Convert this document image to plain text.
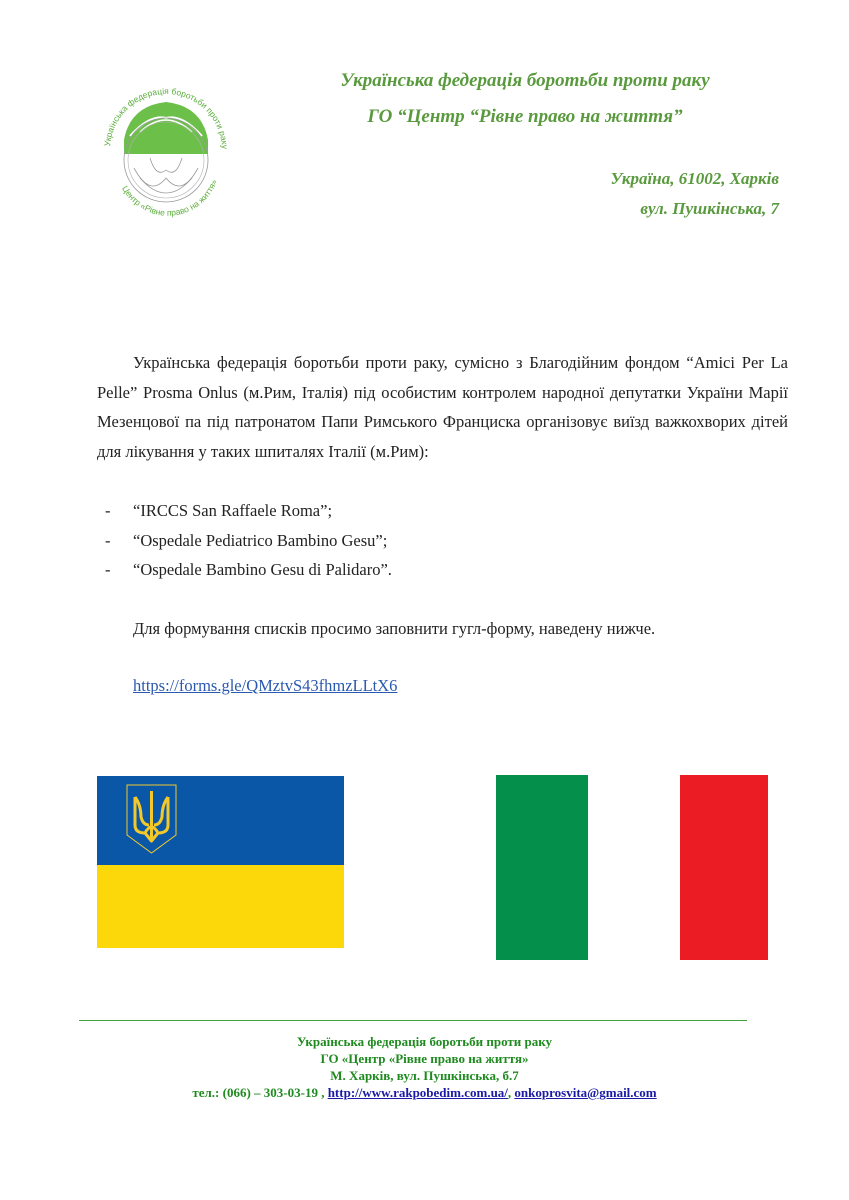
Українська федерація боротьби проти раку
Центр «Рівне право на життя»
Українська федерація боротьби проти раку
ГО “Центр “Рівне право на життя”
Україна, 61002, Харків
вул. Пушкінська, 7

Українська федерація боротьби проти раку, сумісно з Благодійним фондом “Amici Per La Pelle” Prosma Onlus (м.Рим, Італія) під особистим контролем народної депутатки України Марії Мезенцової па під патронатом Папи Римського Франциска організовує виїзд важкохворих дітей для лікування у таких шпиталях Італії (м.Рим):

- “IRCCS San Raffaele Roma”;
- “Ospedale Pediatrico Bambino Gesu”;
- “Ospedale Bambino Gesu di Palidaro”.
Для формування списків просимо заповнити гугл-форму, наведену нижче.
https://forms.gle/QMztvS43fhmzLLtX6
Українська федерація боротьби проти раку
ГО «Центр «Рівне право на життя»
М. Харків, вул. Пушкінська, б.7
тел.: (066) – 303-03-19 , http://www.rakpobedim.com.ua/, onkoprosvita@gmail.com
